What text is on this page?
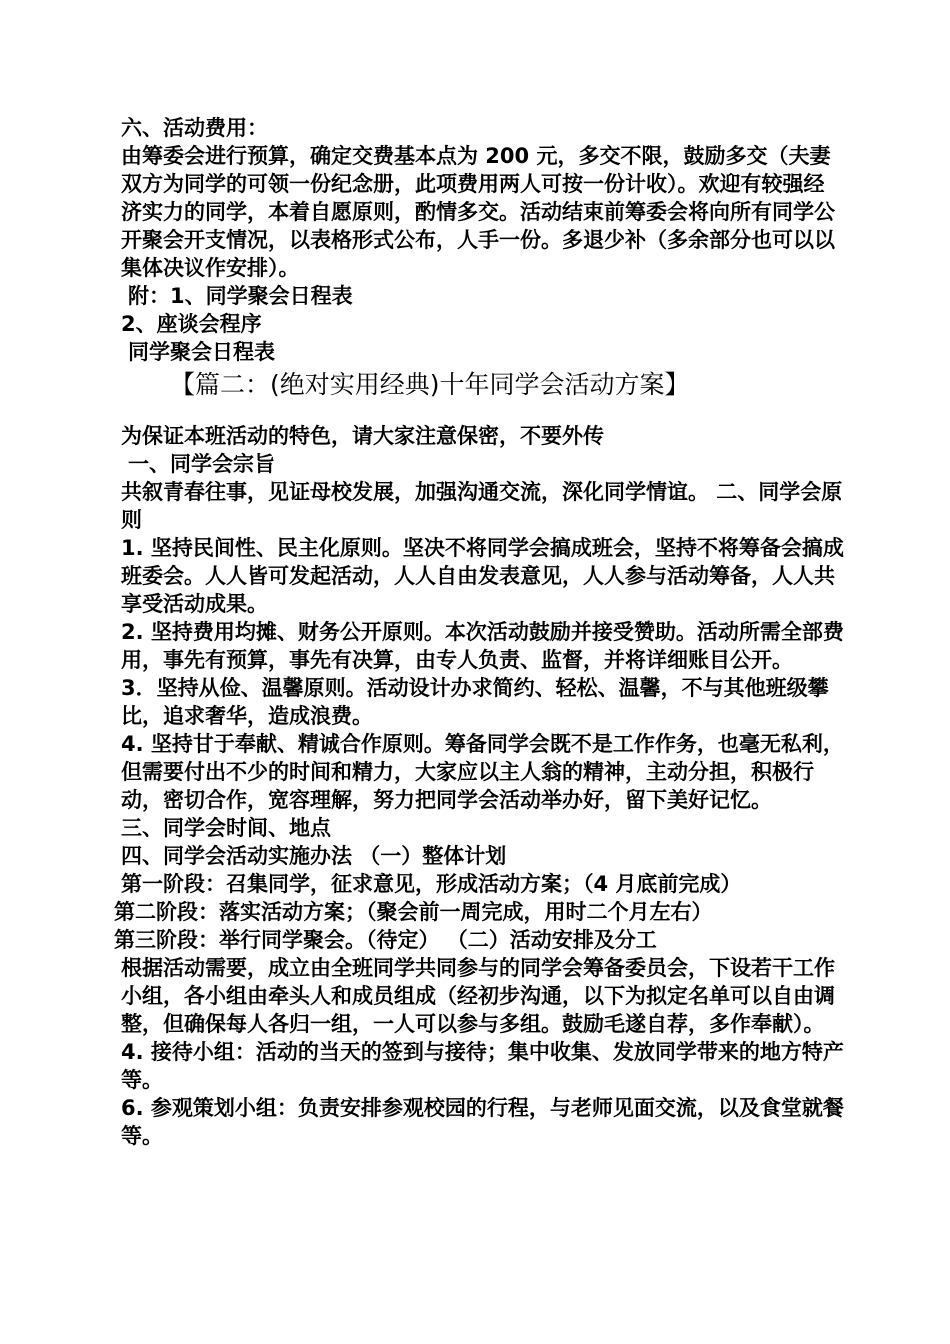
六、活动费用：

由筹委会进行预算，确定交费基本点为 200 元，多交不限，鼓励多交（夫妻双方为同学的可领一份纪念册，此项费用两人可按一份计收）。欢迎有较强经济实力的同学，本着自愿原则，酌情多交。活动结束前筹委会将向所有同学公开聚会开支情况，以表格形式公布，人手一份。多退少补（多余部分也可以以集体决议作安排）。

附：1、同学聚会日程表

2、座谈会程序

同学聚会日程表

【篇二：(绝对实用经典)十年同学会活动方案】

为保证本班活动的特色，请大家注意保密，不要外传

一、同学会宗旨

共叙青春往事，见证母校发展，加强沟通交流，深化同学情谊。 二、同学会原则

1. 坚持民间性、民主化原则。坚决不将同学会搞成班会，坚持不将筹备会搞成班委会。人人皆可发起活动，人人自由发表意见，人人参与活动筹备，人人共享受活动成果。

2. 坚持费用均摊、财务公开原则。本次活动鼓励并接受赞助。活动所需全部费用，事先有预算，事先有决算，由专人负责、监督，并将详细账目公开。

3．坚持从俭、温馨原则。活动设计办求简约、轻松、温馨，不与其他班级攀比，追求奢华，造成浪费。

4. 坚持甘于奉献、精诚合作原则。筹备同学会既不是工作作务，也毫无私利，但需要付出不少的时间和精力，大家应以主人翁的精神，主动分担，积极行动，密切合作，宽容理解，努力把同学会活动举办好，留下美好记忆。

三、同学会时间、地点

四、同学会活动实施办法 （一）整体计划

第一阶段：召集同学，征求意见，形成活动方案；（4 月底前完成）

第二阶段：落实活动方案；（聚会前一周完成，用时二个月左右）

第三阶段：举行同学聚会。（待定） （二）活动安排及分工

根据活动需要，成立由全班同学共同参与的同学会筹备委员会，下设若干工作小组，各小组由牵头人和成员组成（经初步沟通，以下为拟定名单可以自由调整，但确保每人各归一组，一人可以参与多组。鼓励毛遂自荐，多作奉献）。

4. 接待小组：活动的当天的签到与接待；集中收集、发放同学带来的地方特产等。

6. 参观策划小组：负责安排参观校园的行程，与老师见面交流，以及食堂就餐等。
